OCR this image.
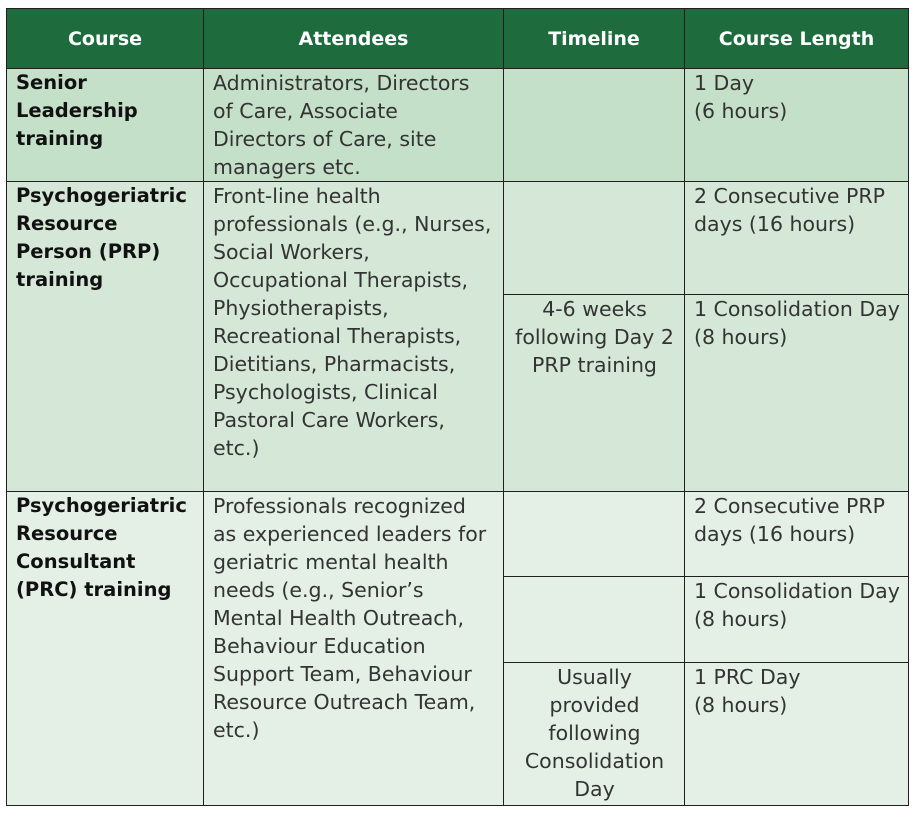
Course	Attendees	Timeline	Course Length

Senior Leadership training	Administrators, Directors of Care, Associate Directors of Care, site managers etc.		1 Day
(6 hours)

Psychogeriatric Resource Person (PRP) training	Front-line health professionals (e.g., Nurses, Social Workers, Occupational Therapists, Physiotherapists, Recreational Therapists, Dietitians, Pharmacists, Psychologists, Clinical Pastoral Care Workers, etc.)		2 Consecutive PRP days (16 hours)

		4-6 weeks following Day 2 PRP training	1 Consolidation Day
(8 hours)

Psychogeriatric Resource Consultant (PRC) training	Professionals recognized as experienced leaders for geriatric mental health needs (e.g., Senior’s Mental Health Outreach, Behaviour Education Support Team, Behaviour Resource Outreach Team, etc.)		2 Consecutive PRP days (16 hours)

			1 Consolidation Day
(8 hours)

		Usually provided following Consolidation Day	1 PRC Day
(8 hours)
